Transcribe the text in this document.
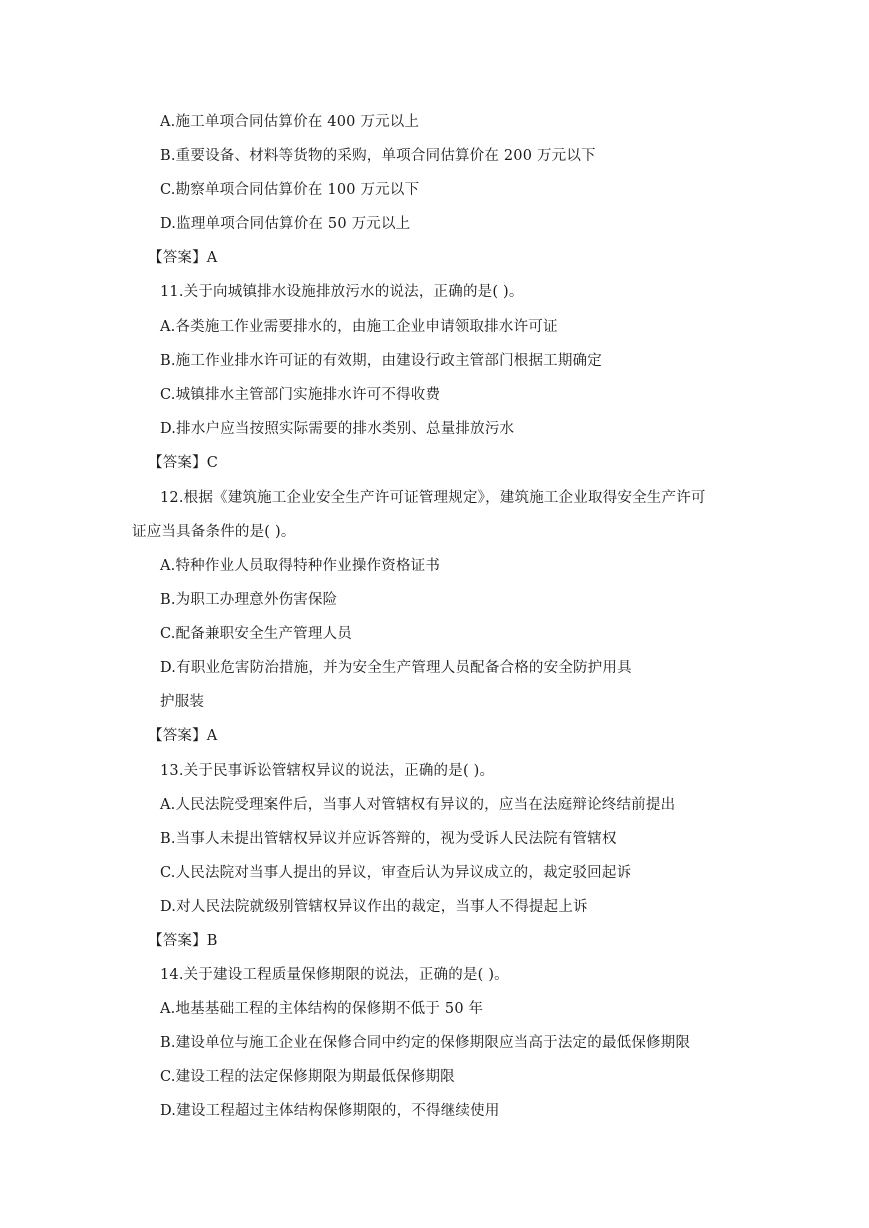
A.施工单项合同估算价在 400 万元以上
B.重要设备、材料等货物的采购，单项合同估算价在 200 万元以下
C.勘察单项合同估算价在 100 万元以下
D.监理单项合同估算价在 50 万元以上
【答案】A
11.关于向城镇排水设施排放污水的说法，正确的是( )。
A.各类施工作业需要排水的，由施工企业申请领取排水许可证
B.施工作业排水许可证的有效期，由建设行政主管部门根据工期确定
C.城镇排水主管部门实施排水许可不得收费
D.排水户应当按照实际需要的排水类别、总量排放污水
【答案】C
12.根据《建筑施工企业安全生产许可证管理规定》，建筑施工企业取得安全生产许可
证应当具备条件的是( )。
A.特种作业人员取得特种作业操作资格证书
B.为职工办理意外伤害保险
C.配备兼职安全生产管理人员
D.有职业危害防治措施，并为安全生产管理人员配备合格的安全防护用具
护服装
【答案】A
13.关于民事诉讼管辖权异议的说法，正确的是( )。
A.人民法院受理案件后，当事人对管辖权有异议的，应当在法庭辩论终结前提出
B.当事人未提出管辖权异议并应诉答辩的，视为受诉人民法院有管辖权
C.人民法院对当事人提出的异议，审查后认为异议成立的，裁定驳回起诉
D.对人民法院就级别管辖权异议作出的裁定，当事人不得提起上诉
【答案】B
14.关于建设工程质量保修期限的说法，正确的是( )。
A.地基基础工程的主体结构的保修期不低于 50 年
B.建设单位与施工企业在保修合同中约定的保修期限应当高于法定的最低保修期限
C.建设工程的法定保修期限为期最低保修期限
D.建设工程超过主体结构保修期限的，不得继续使用
